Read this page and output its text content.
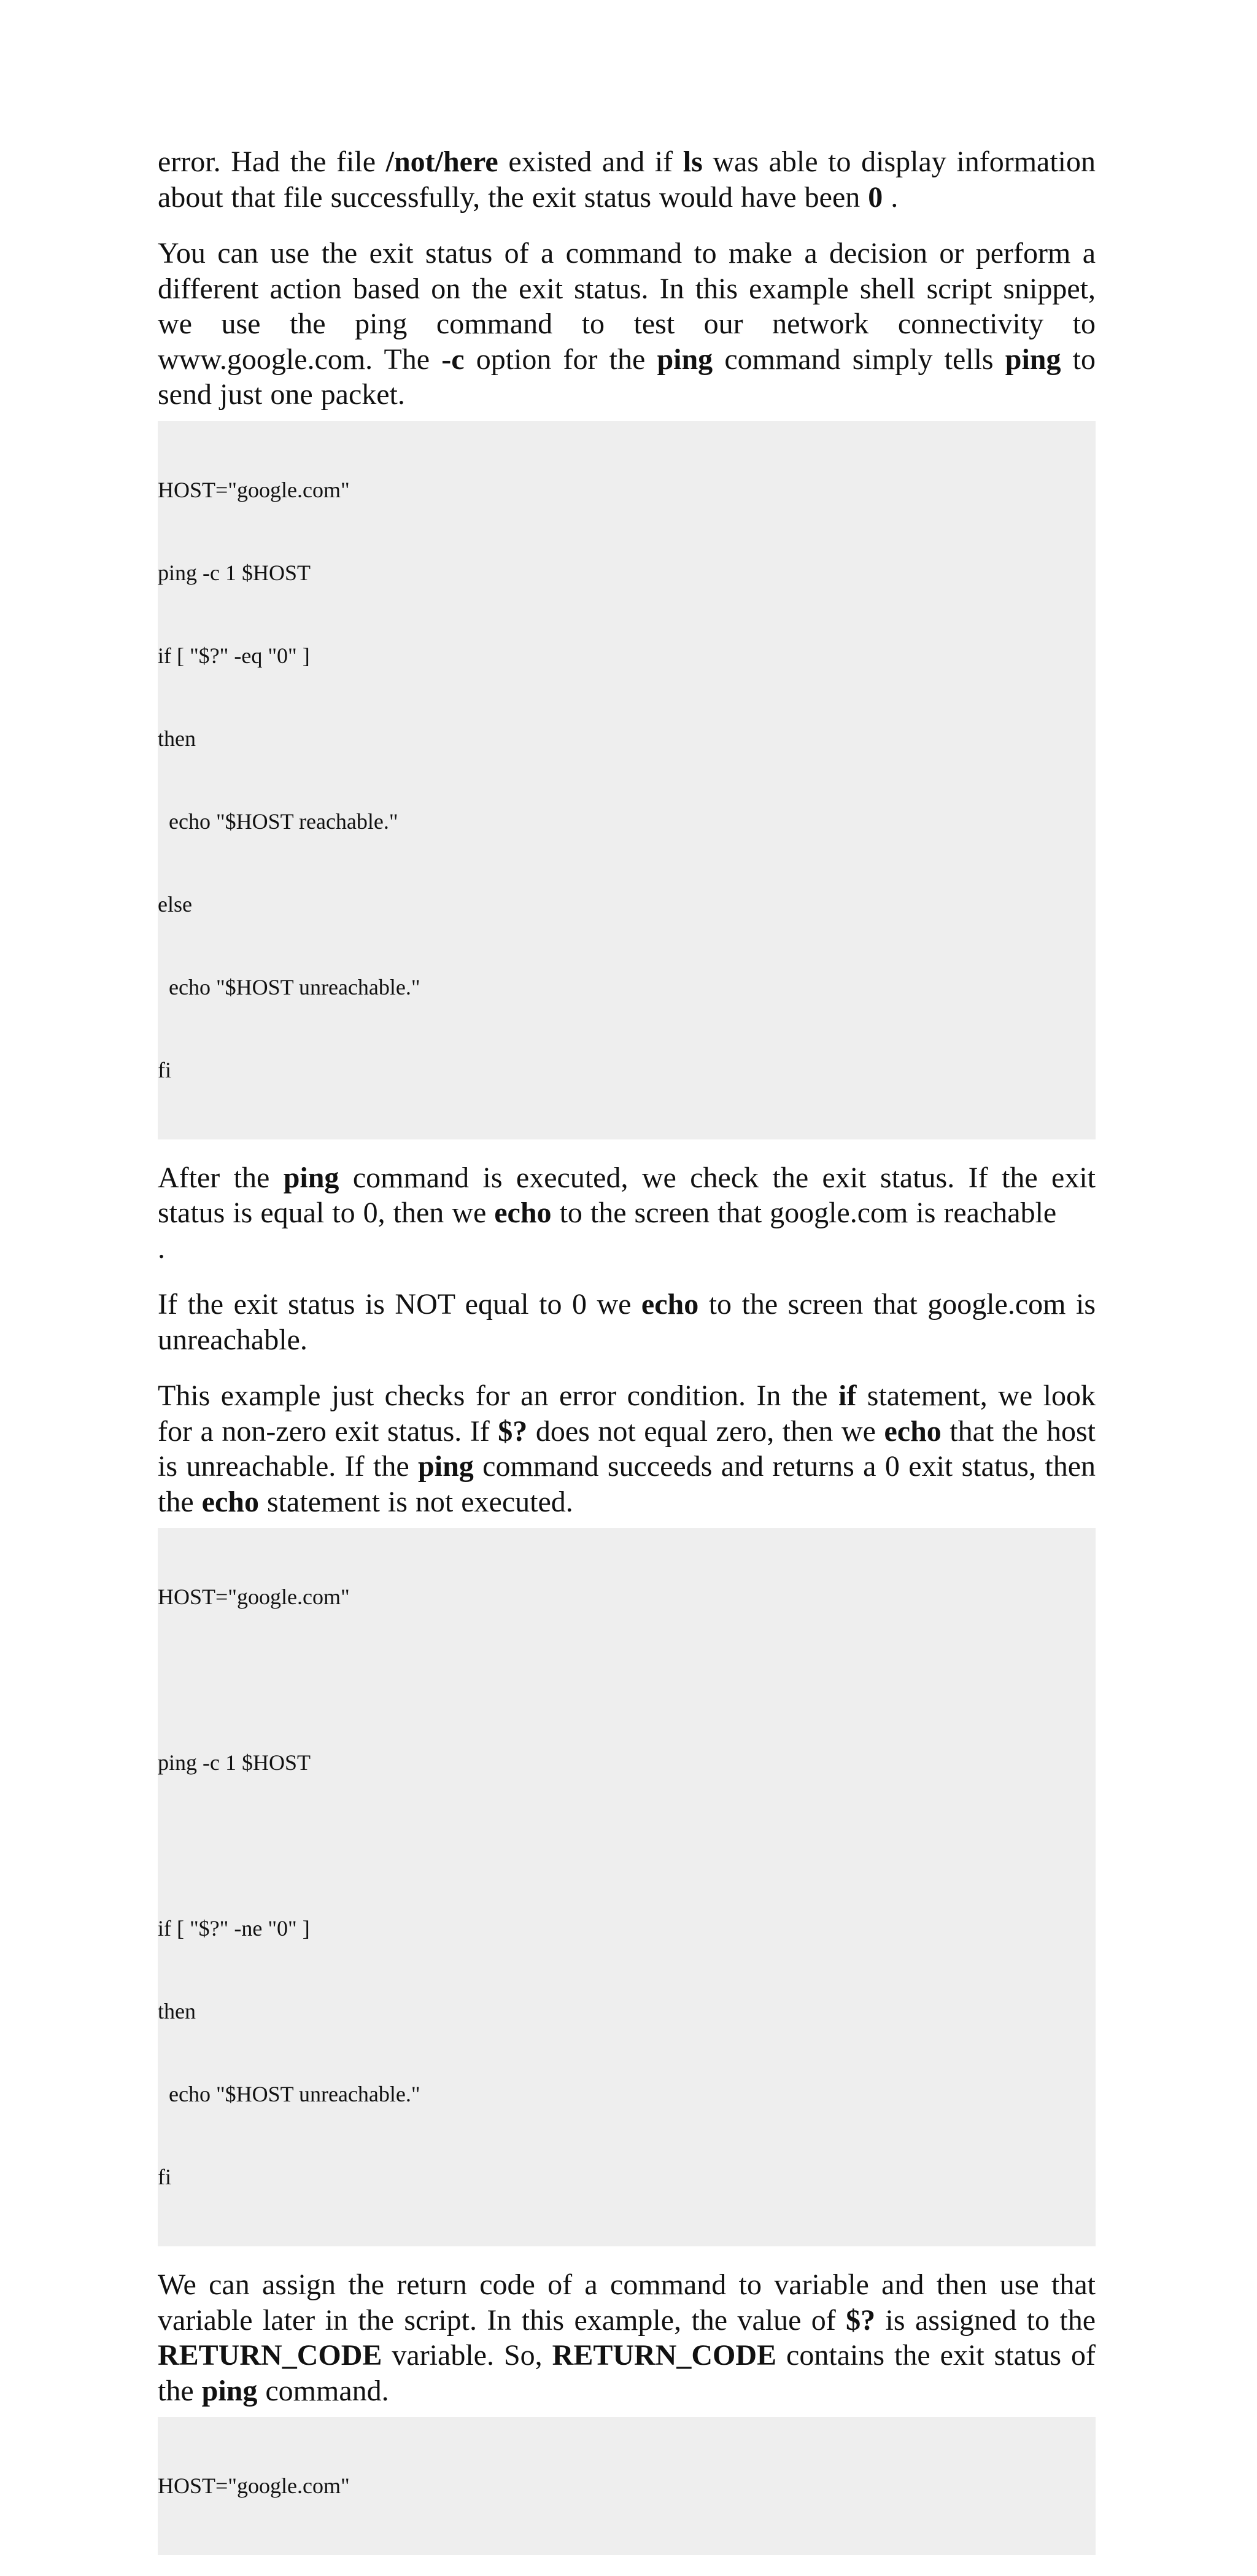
error. Had the file /not/here existed and if ls was able to display information about that file successfully, the exit status would have been 0 .

You can use the exit status of a command to make a decision or perform a different action based on the exit status. In this example shell script snippet, we use the ping command to test our network connectivity to www.google.com. The -c option for the ping command simply tells ping to send just one packet.

HOST="google.com"

ping -c 1 $HOST

if [ "$?" -eq "0" ]

then

echo "$HOST reachable."

else

echo "$HOST unreachable."

fi

After the ping command is executed, we check the exit status. If the exit status is equal to 0, then we echo to the screen that google.com is reachable
.

If the exit status is NOT equal to 0 we echo to the screen that google.com is unreachable.

This example just checks for an error condition. In the if statement, we look for a non-zero exit status. If $? does not equal zero, then we echo that the host is unreachable. If the ping command succeeds and returns a 0 exit status, then the echo statement is not executed.

HOST="google.com"

ping -c 1 $HOST

if [ "$?" -ne "0" ]

then

echo "$HOST unreachable."

fi

We can assign the return code of a command to variable and then use that variable later in the script. In this example, the value of $? is assigned to the RETURN_CODE variable. So, RETURN_CODE contains the exit status of the ping command.

HOST="google.com"
